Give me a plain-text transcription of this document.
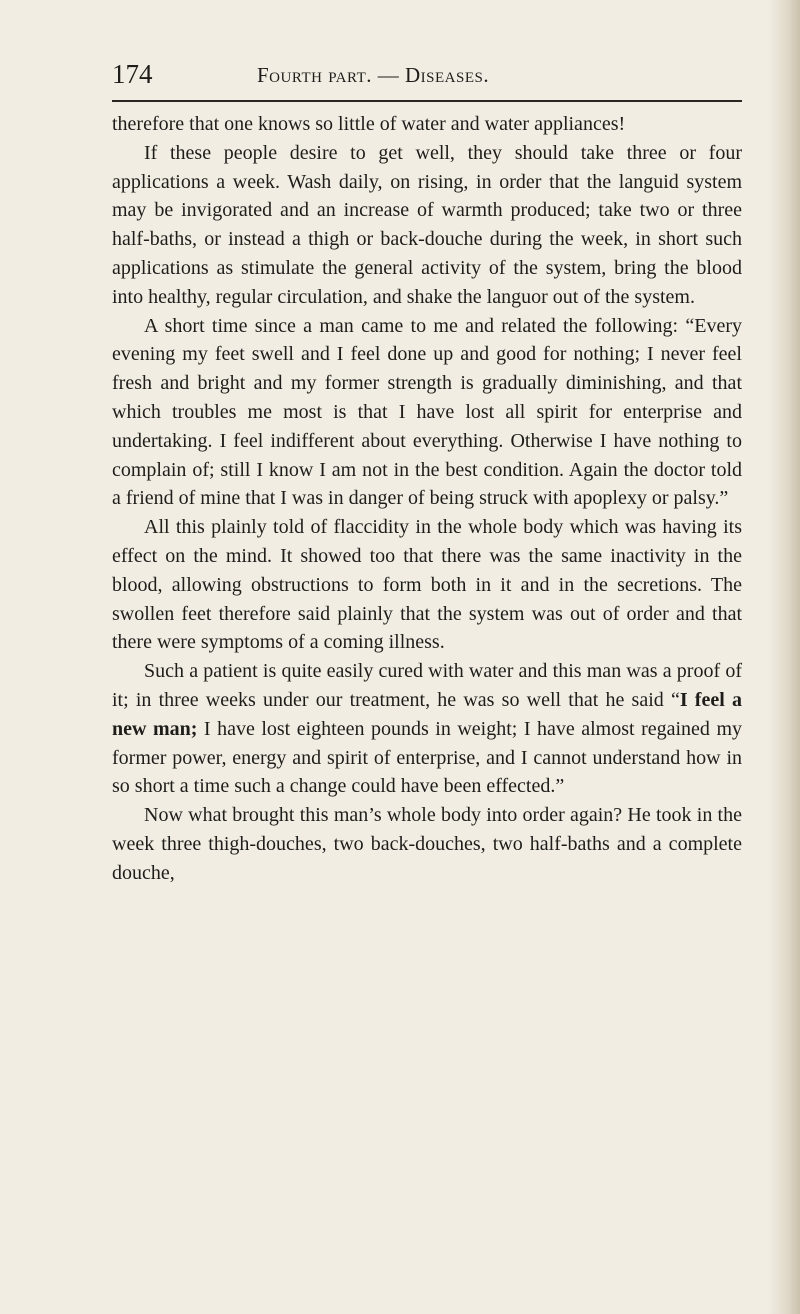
174	Fourth part. — Diseases.

therefore that one knows so little of water and water appliances!

If these people desire to get well, they should take three or four applications a week. Wash daily, on rising, in order that the languid system may be invigorated and an increase of warmth produced; take two or three half-baths, or instead a thigh or back-douche during the week, in short such applications as stimulate the general activity of the system, bring the blood into healthy, regular circulation, and shake the languor out of the system.

A short time since a man came to me and related the following: “Every evening my feet swell and I feel done up and good for nothing; I never feel fresh and bright and my former strength is gradually diminishing, and that which troubles me most is that I have lost all spirit for enterprise and undertaking. I feel indifferent about everything. Otherwise I have nothing to complain of; still I know I am not in the best condition. Again the doctor told a friend of mine that I was in danger of being struck with apoplexy or palsy.”

All this plainly told of flaccidity in the whole body which was having its effect on the mind. It showed too that there was the same inactivity in the blood, allowing obstructions to form both in it and in the secretions. The swollen feet therefore said plainly that the system was out of order and that there were symptoms of a coming illness.

Such a patient is quite easily cured with water and this man was a proof of it; in three weeks under our treatment, he was so well that he said “I feel a new man; I have lost eighteen pounds in weight; I have almost regained my former power, energy and spirit of enterprise, and I cannot understand how in so short a time such a change could have been effected.”

Now what brought this man’s whole body into order again? He took in the week three thigh-douches, two back-douches, two half-baths and a complete douche,
